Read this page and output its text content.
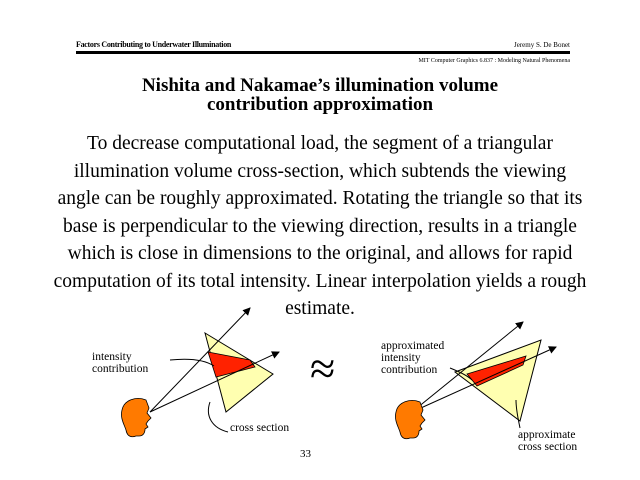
Factors Contributing to Underwater Illumination	Jeremy S. De Bonet
MIT Computer Graphics 6.837 : Modeling Natural Phenomena
Nishita and Nakamae’s illumination volume
contribution approximation
To decrease computational load, the segment of a triangular illumination volume cross-section, which subtends the viewing angle can be roughly approximated. Rotating the triangle so that its base is perpendicular to the viewing direction, results in a triangle which is close in dimensions to the original, and allows for rapid computation of its total intensity. Linear interpolation yields a rough estimate.
intensity
contribution
cross section
≈	approximated
intensity
contribution
approximate
cross section
33
